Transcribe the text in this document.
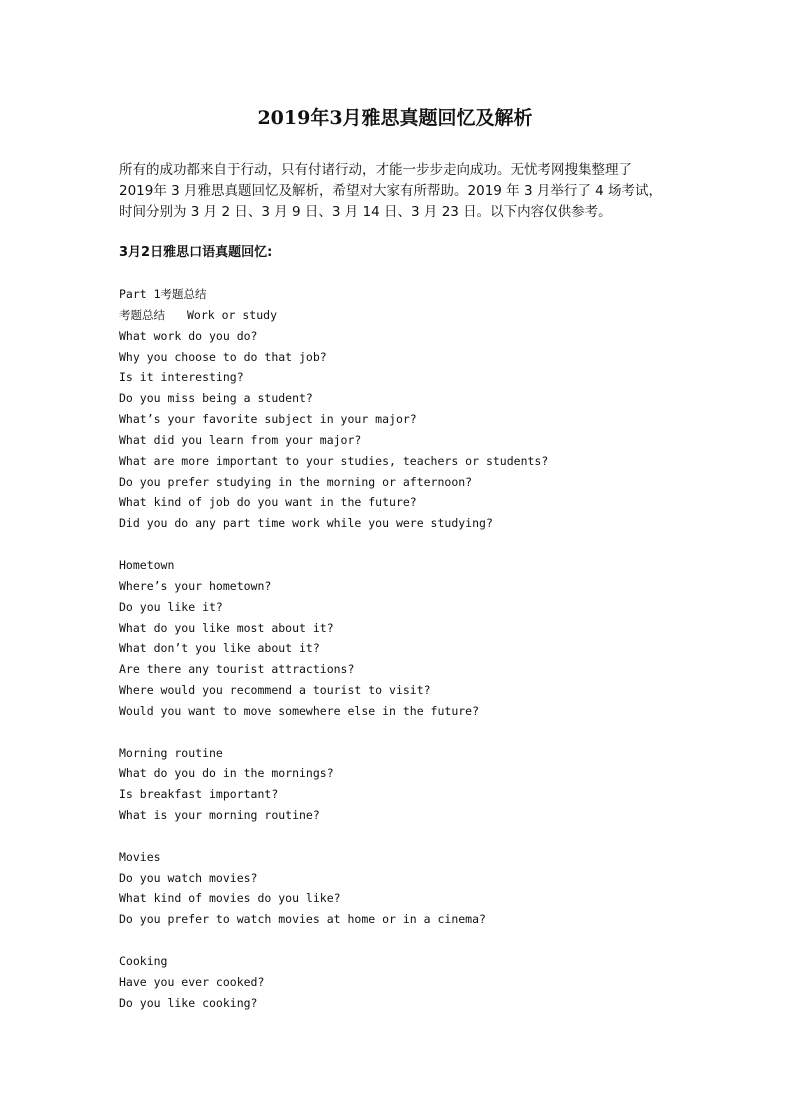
2019年3月雅思真题回忆及解析
所有的成功都来自于行动，只有付诸行动，才能一步步走向成功。无忧考网搜集整理了
2019年 3 月雅思真题回忆及解析，希望对大家有所帮助。2019 年 3 月举行了 4 场考试，
时间分别为 3 月 2 日、3 月 9 日、3 月 14 日、3 月 23 日。以下内容仅供参考。
3月2日雅思口语真题回忆:
Part 1考题总结
考题总结 Work or study
What work do you do?
Why you choose to do that job?
Is it interesting?
Do you miss being a student?
What’s your favorite subject in your major?
What did you learn from your major?
What are more important to your studies, teachers or students?
Do you prefer studying in the morning or afternoon?
What kind of job do you want in the future?
Did you do any part time work while you were studying?
Hometown
Where’s your hometown?
Do you like it?
What do you like most about it?
What don’t you like about it?
Are there any tourist attractions?
Where would you recommend a tourist to visit?
Would you want to move somewhere else in the future?
Morning routine
What do you do in the mornings?
Is breakfast important?
What is your morning routine?
Movies
Do you watch movies?
What kind of movies do you like?
Do you prefer to watch movies at home or in a cinema?
Cooking
Have you ever cooked?
Do you like cooking?
